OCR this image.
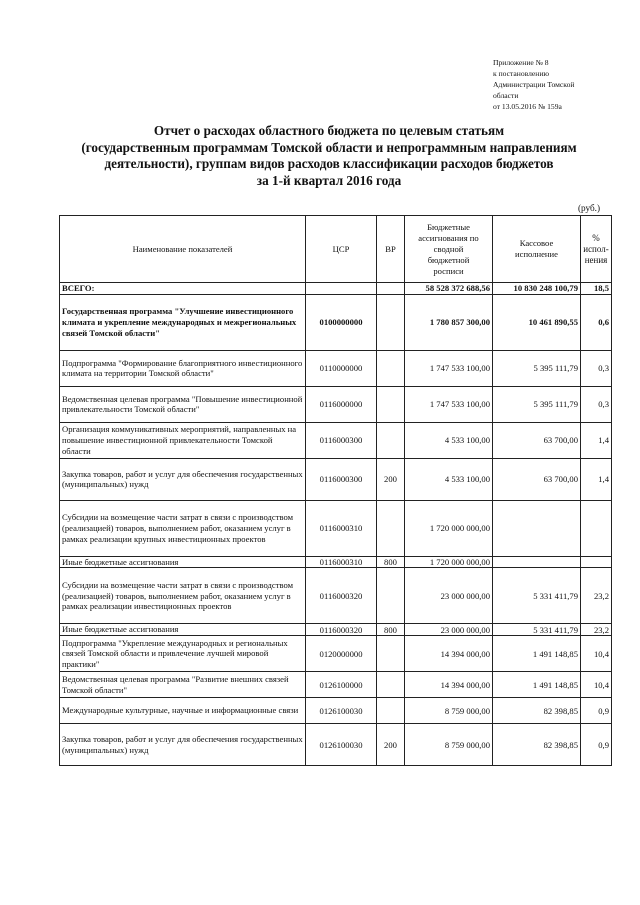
Приложение № 8
к постановлению
Администрации Томской
области
от 13.05.2016 № 159а
Отчет о расходах областного бюджета по целевым статьям
(государственным программам Томской области и непрограммным направлениям
деятельности), группам видов расходов классификации расходов бюджетов
за 1-й квартал 2016 года
(руб.)
Наименование показателей	ЦСР	ВР	Бюджетные
ассигнования по
сводной
бюджетной
росписи	Кассовое
исполнение	%
испол-
нения
ВСЕГО:			58 528 372 688,56	10 830 248 100,79	18,5
Государственная программа "Улучшение инвестиционного климата и укрепление международных и межрегиональных связей Томской области"	0100000000		1 780 857 300,00	10 461 890,55	0,6
Подпрограмма "Формирование благоприятного инвестиционного климата на территории Томской области"	0110000000		1 747 533 100,00	5 395 111,79	0,3
Ведомственная целевая программа "Повышение инвестиционной привлекательности Томской области"	0116000000		1 747 533 100,00	5 395 111,79	0,3
Организация коммуникативных мероприятий, направленных на повышение инвестиционной привлекательности Томской области	0116000300		4 533 100,00	63 700,00	1,4
Закупка товаров, работ и услуг для обеспечения государственных (муниципальных) нужд	0116000300	200	4 533 100,00	63 700,00	1,4
Субсидии на возмещение части затрат в связи с производством (реализацией) товаров, выполнением работ, оказанием услуг в рамках реализации крупных инвестиционных проектов	0116000310		1 720 000 000,00		
Иные бюджетные ассигнования	0116000310	800	1 720 000 000,00		
Субсидии на возмещение части затрат в связи с производством (реализацией) товаров, выполнением работ, оказанием услуг в рамках реализации инвестиционных проектов	0116000320		23 000 000,00	5 331 411,79	23,2
Иные бюджетные ассигнования	0116000320	800	23 000 000,00	5 331 411,79	23,2
Подпрограмма "Укрепление международных и региональных связей Томской области и привлечение лучшей мировой практики"	0120000000		14 394 000,00	1 491 148,85	10,4
Ведомственная целевая программа "Развитие внешних связей Томской области"	0126100000		14 394 000,00	1 491 148,85	10,4
Международные культурные, научные и информационные связи	0126100030		8 759 000,00	82 398,85	0,9
Закупка товаров, работ и услуг для обеспечения государственных (муниципальных) нужд	0126100030	200	8 759 000,00	82 398,85	0,9
